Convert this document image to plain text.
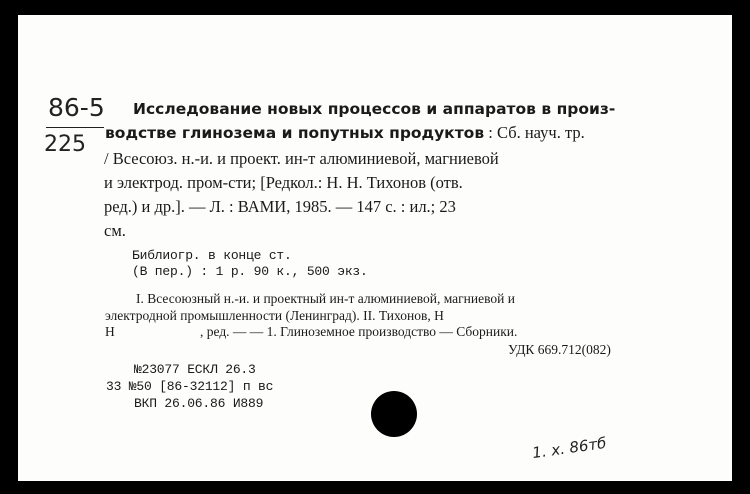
86-5
225
Исследование новых процессов и аппаратов в произ-
водстве глинозема и попутных продуктов : Сб. науч. тр.
/ Всесоюз. н.-и. и проект. ин-т алюминиевой, магниевой
и электрод. пром-сти; [Редкол.: Н. Н. Тихонов (отв.
ред.) и др.]. — Л. : ВАМИ, 1985. — 147 с. : ил.; 23
см.
Библиогр. в конце ст.
(В пер.) : 1 р. 90 к., 500 экз.
I. Всесоюзный н.-и. и проектный ин-т алюминиевой, магниевой и
электродной промышленности (Ленинград). II. Тихонов, Н
Н	, ред. — — 1. Глиноземное производство — Сборники.
УДК 669.712(082)
№23077 ЕСКЛ 26.3
33 №50 [86-32112] п вс
ВКП 26.06.86 И889
1. х. 86тб
